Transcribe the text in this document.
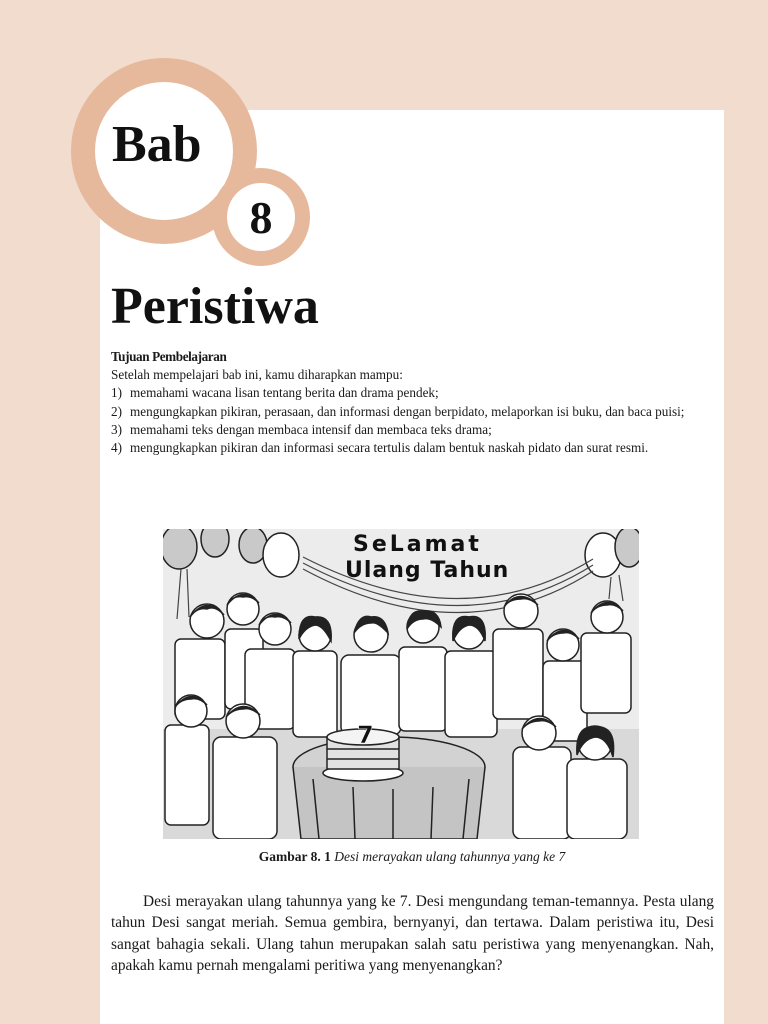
Bab
8
Peristiwa
Tujuan Pembelajaran
Setelah mempelajari bab ini, kamu diharapkan mampu:
1) memahami wacana lisan tentang berita dan drama pendek;
2) mengungkapkan pikiran, perasaan, dan informasi dengan berpidato, melaporkan isi buku, dan baca puisi;
3) memahami teks dengan membaca intensif dan membaca teks drama;
4) mengungkapkan pikiran dan informasi secara tertulis dalam bentuk naskah pidato dan surat resmi.
SeLamat
Ulang Tahun
7
Gambar 8. 1 Desi merayakan ulang tahunnya yang ke 7

Desi merayakan ulang tahunnya yang ke 7. Desi mengundang teman-temannya. Pesta ulang tahun Desi sangat meriah. Semua gembira, bernyanyi, dan tertawa. Dalam peristiwa itu, Desi sangat bahagia sekali. Ulang tahun merupakan salah satu peristiwa yang menyenangkan. Nah, apakah kamu pernah mengalami peritiwa yang menyenangkan?
